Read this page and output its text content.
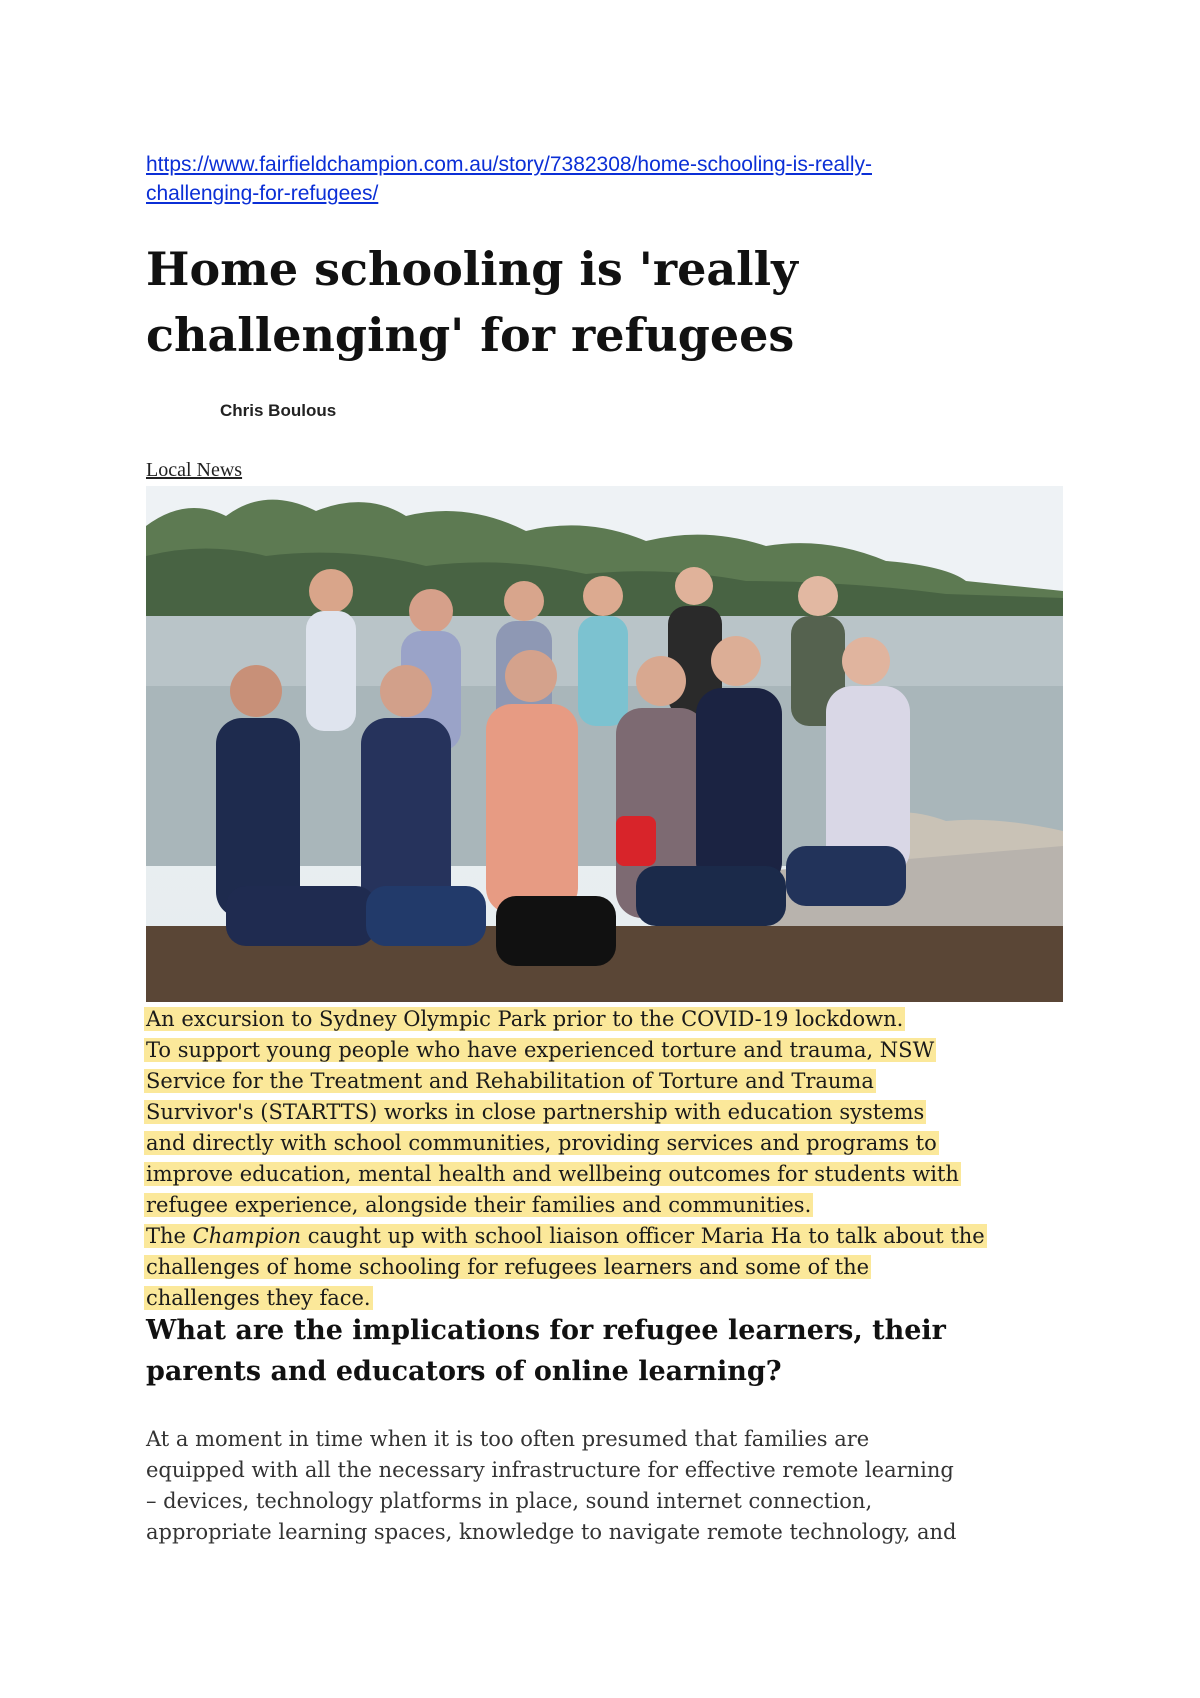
https://www.fairfieldchampion.com.au/story/7382308/home-schooling-is-really-
challenging-for-refugees/
Home schooling is 'really
challenging' for refugees
Chris Boulous
Local News
An excursion to Sydney Olympic Park prior to the COVID-19 lockdown.
To support young people who have experienced torture and trauma, NSW
Service for the Treatment and Rehabilitation of Torture and Trauma
Survivor's (STARTTS) works in close partnership with education systems
and directly with school communities, providing services and programs to
improve education, mental health and wellbeing outcomes for students with
refugee experience, alongside their families and communities.
The Champion caught up with school liaison officer Maria Ha to talk about the
challenges of home schooling for refugees learners and some of the
challenges they face.
What are the implications for refugee learners, their
parents and educators of online learning?
At a moment in time when it is too often presumed that families are
equipped with all the necessary infrastructure for effective remote learning
– devices, technology platforms in place, sound internet connection,
appropriate learning spaces, knowledge to navigate remote technology, and
